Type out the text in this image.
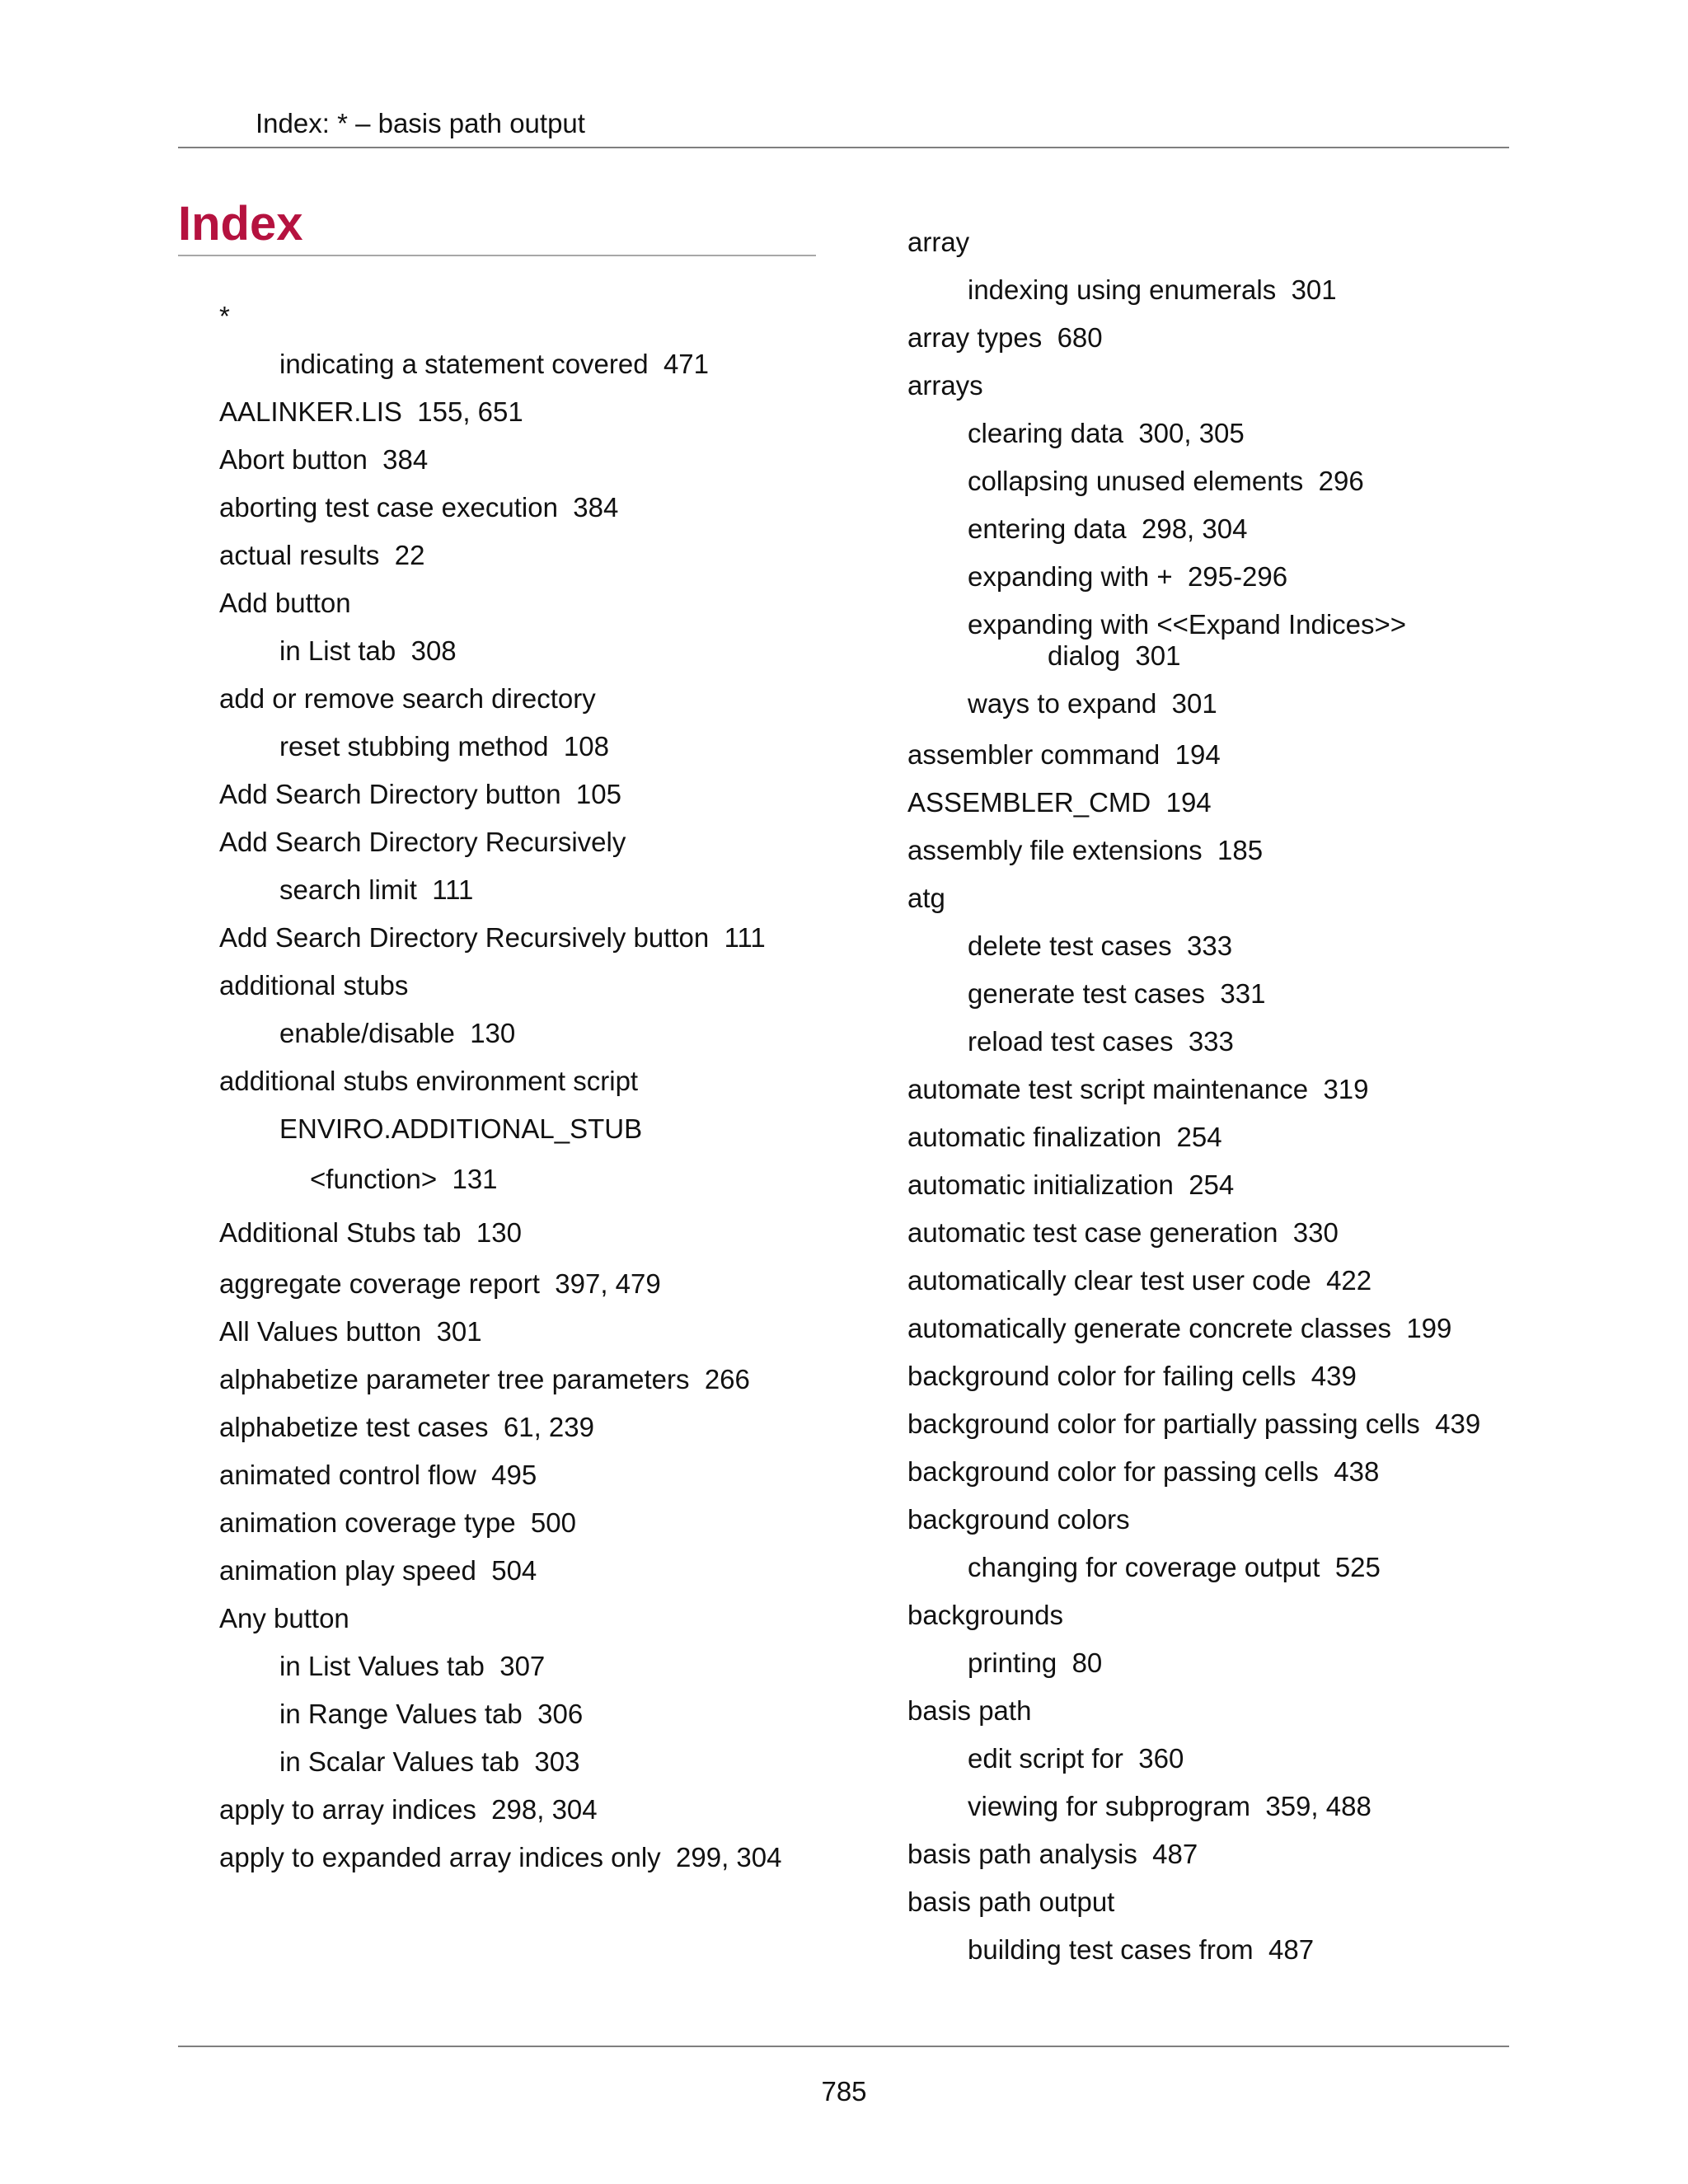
Index: * – basis path output
Index
*
indicating a statement covered 471
AALINKER.LIS 155, 651
Abort button 384
aborting test case execution 384
actual results 22
Add button
in List tab 308
add or remove search directory
reset stubbing method 108
Add Search Directory button 105
Add Search Directory Recursively
search limit 111
Add Search Directory Recursively button 111
additional stubs
enable/disable 130
additional stubs environment script
ENVIRO.ADDITIONAL_STUB
<function> 131
Additional Stubs tab 130
aggregate coverage report 397, 479
All Values button 301
alphabetize parameter tree parameters 266
alphabetize test cases 61, 239
animated control flow 495
animation coverage type 500
animation play speed 504
Any button
in List Values tab 307
in Range Values tab 306
in Scalar Values tab 303
apply to array indices 298, 304
apply to expanded array indices only 299, 304
array
indexing using enumerals 301
array types 680
arrays
clearing data 300, 305
collapsing unused elements 296
entering data 298, 304
expanding with + 295-296
expanding with <<Expand Indices>>
dialog 301
ways to expand 301
assembler command 194
ASSEMBLER_CMD 194
assembly file extensions 185
atg
delete test cases 333
generate test cases 331
reload test cases 333
automate test script maintenance 319
automatic finalization 254
automatic initialization 254
automatic test case generation 330
automatically clear test user code 422
automatically generate concrete classes 199
background color for failing cells 439
background color for partially passing cells 439
background color for passing cells 438
background colors
changing for coverage output 525
backgrounds
printing 80
basis path
edit script for 360
viewing for subprogram 359, 488
basis path analysis 487
basis path output
building test cases from 487
785
